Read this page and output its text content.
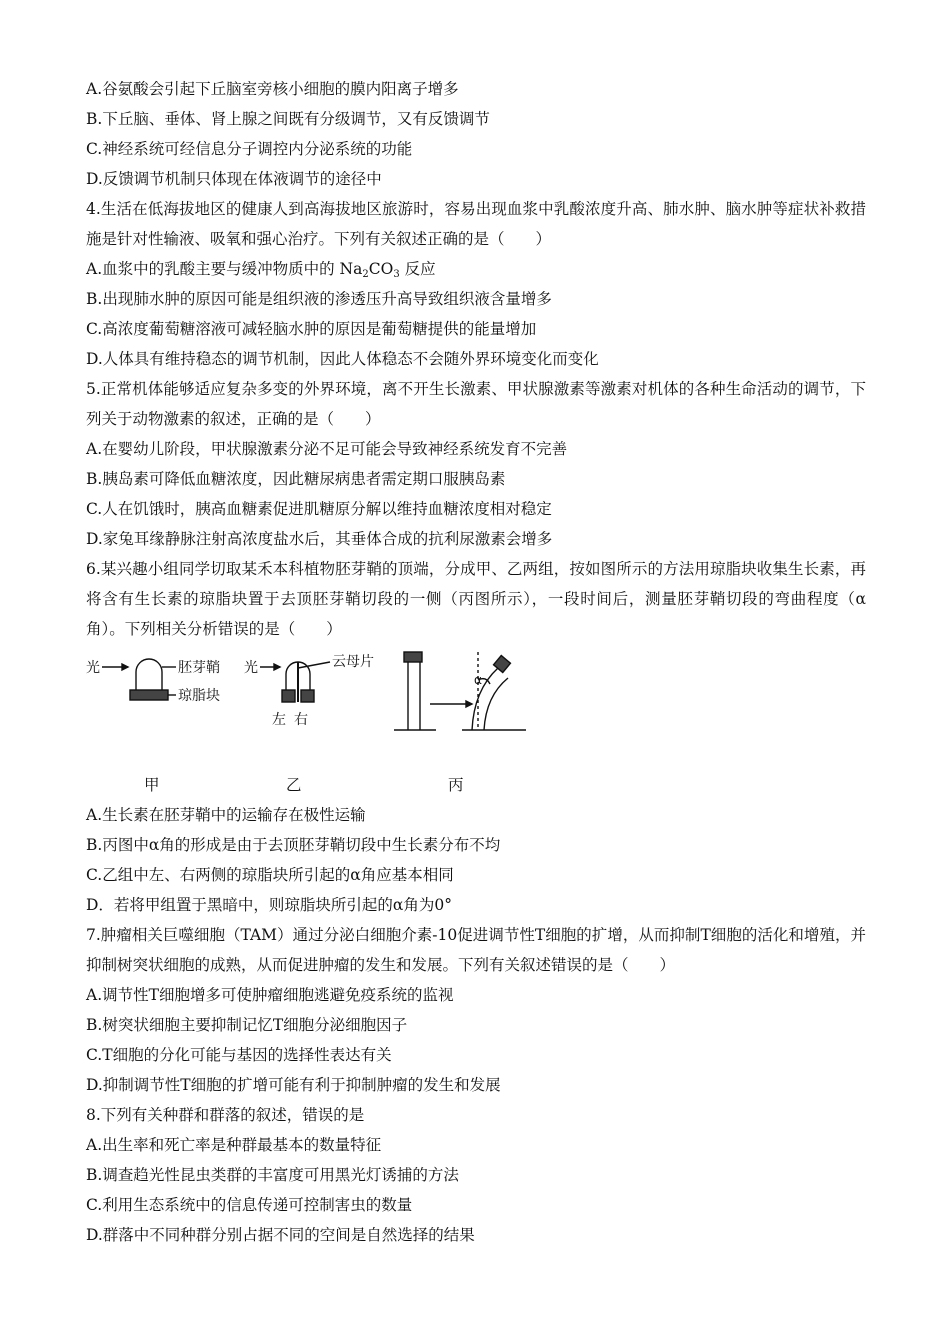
A.谷氨酸会引起下丘脑室旁核小细胞的膜内阳离子增多
B.下丘脑、垂体、肾上腺之间既有分级调节，又有反馈调节
C.神经系统可经信息分子调控内分泌系统的功能
D.反馈调节机制只体现在体液调节的途径中
4.生活在低海拔地区的健康人到高海拔地区旅游时，容易出现血浆中乳酸浓度升高、肺水肿、脑水肿等症状补救措施是针对性输液、吸氧和强心治疗。下列有关叙述正确的是（　　）
A.血浆中的乳酸主要与缓冲物质中的 $Na_2CO_3$ 反应
B.出现肺水肿的原因可能是组织液的渗透压升高导致组织液含量增多
C.高浓度葡萄糖溶液可减轻脑水肿的原因是葡萄糖提供的能量增加
D.人体具有维持稳态的调节机制，因此人体稳态不会随外界环境变化而变化
5.正常机体能够适应复杂多变的外界环境，离不开生长激素、甲状腺激素等激素对机体的各种生命活动的调节，下列关于动物激素的叙述，正确的是（　　）
A.在婴幼儿阶段，甲状腺激素分泌不足可能会导致神经系统发育不完善
B.胰岛素可降低血糖浓度，因此糖尿病患者需定期口服胰岛素
C.人在饥饿时，胰高血糖素促进肌糖原分解以维持血糖浓度相对稳定
D.家兔耳缘静脉注射高浓度盐水后，其垂体合成的抗利尿激素会增多
6.某兴趣小组同学切取某禾本科植物胚芽鞘的顶端，分成甲、乙两组，按如图所示的方法用琼脂块收集生长素，再将含有生长素的琼脂块置于去顶胚芽鞘切段的一侧（丙图所示），一段时间后，测量胚芽鞘切段的弯曲程度（α角）。下列相关分析错误的是（　　）
光	胚芽鞘
琼脂块
光	云母片
左 右
α
甲	乙	丙
A.生长素在胚芽鞘中的运输存在极性运输
B.丙图中α角的形成是由于去顶胚芽鞘切段中生长素分布不均
C.乙组中左、右两侧的琼脂块所引起的α角应基本相同
D．若将甲组置于黑暗中，则琼脂块所引起的α角为0°
7.肿瘤相关巨噬细胞（TAM）通过分泌白细胞介素-10促进调节性T细胞的扩增，从而抑制T细胞的活化和增殖，并抑制树突状细胞的成熟，从而促进肿瘤的发生和发展。下列有关叙述错误的是（　　）
A.调节性T细胞增多可使肿瘤细胞逃避免疫系统的监视
B.树突状细胞主要抑制记忆T细胞分泌细胞因子
C.T细胞的分化可能与基因的选择性表达有关
D.抑制调节性T细胞的扩增可能有利于抑制肿瘤的发生和发展
8.下列有关种群和群落的叙述，错误的是
A.出生率和死亡率是种群最基本的数量特征
B.调查趋光性昆虫类群的丰富度可用黑光灯诱捕的方法
C.利用生态系统中的信息传递可控制害虫的数量
D.群落中不同种群分别占据不同的空间是自然选择的结果
